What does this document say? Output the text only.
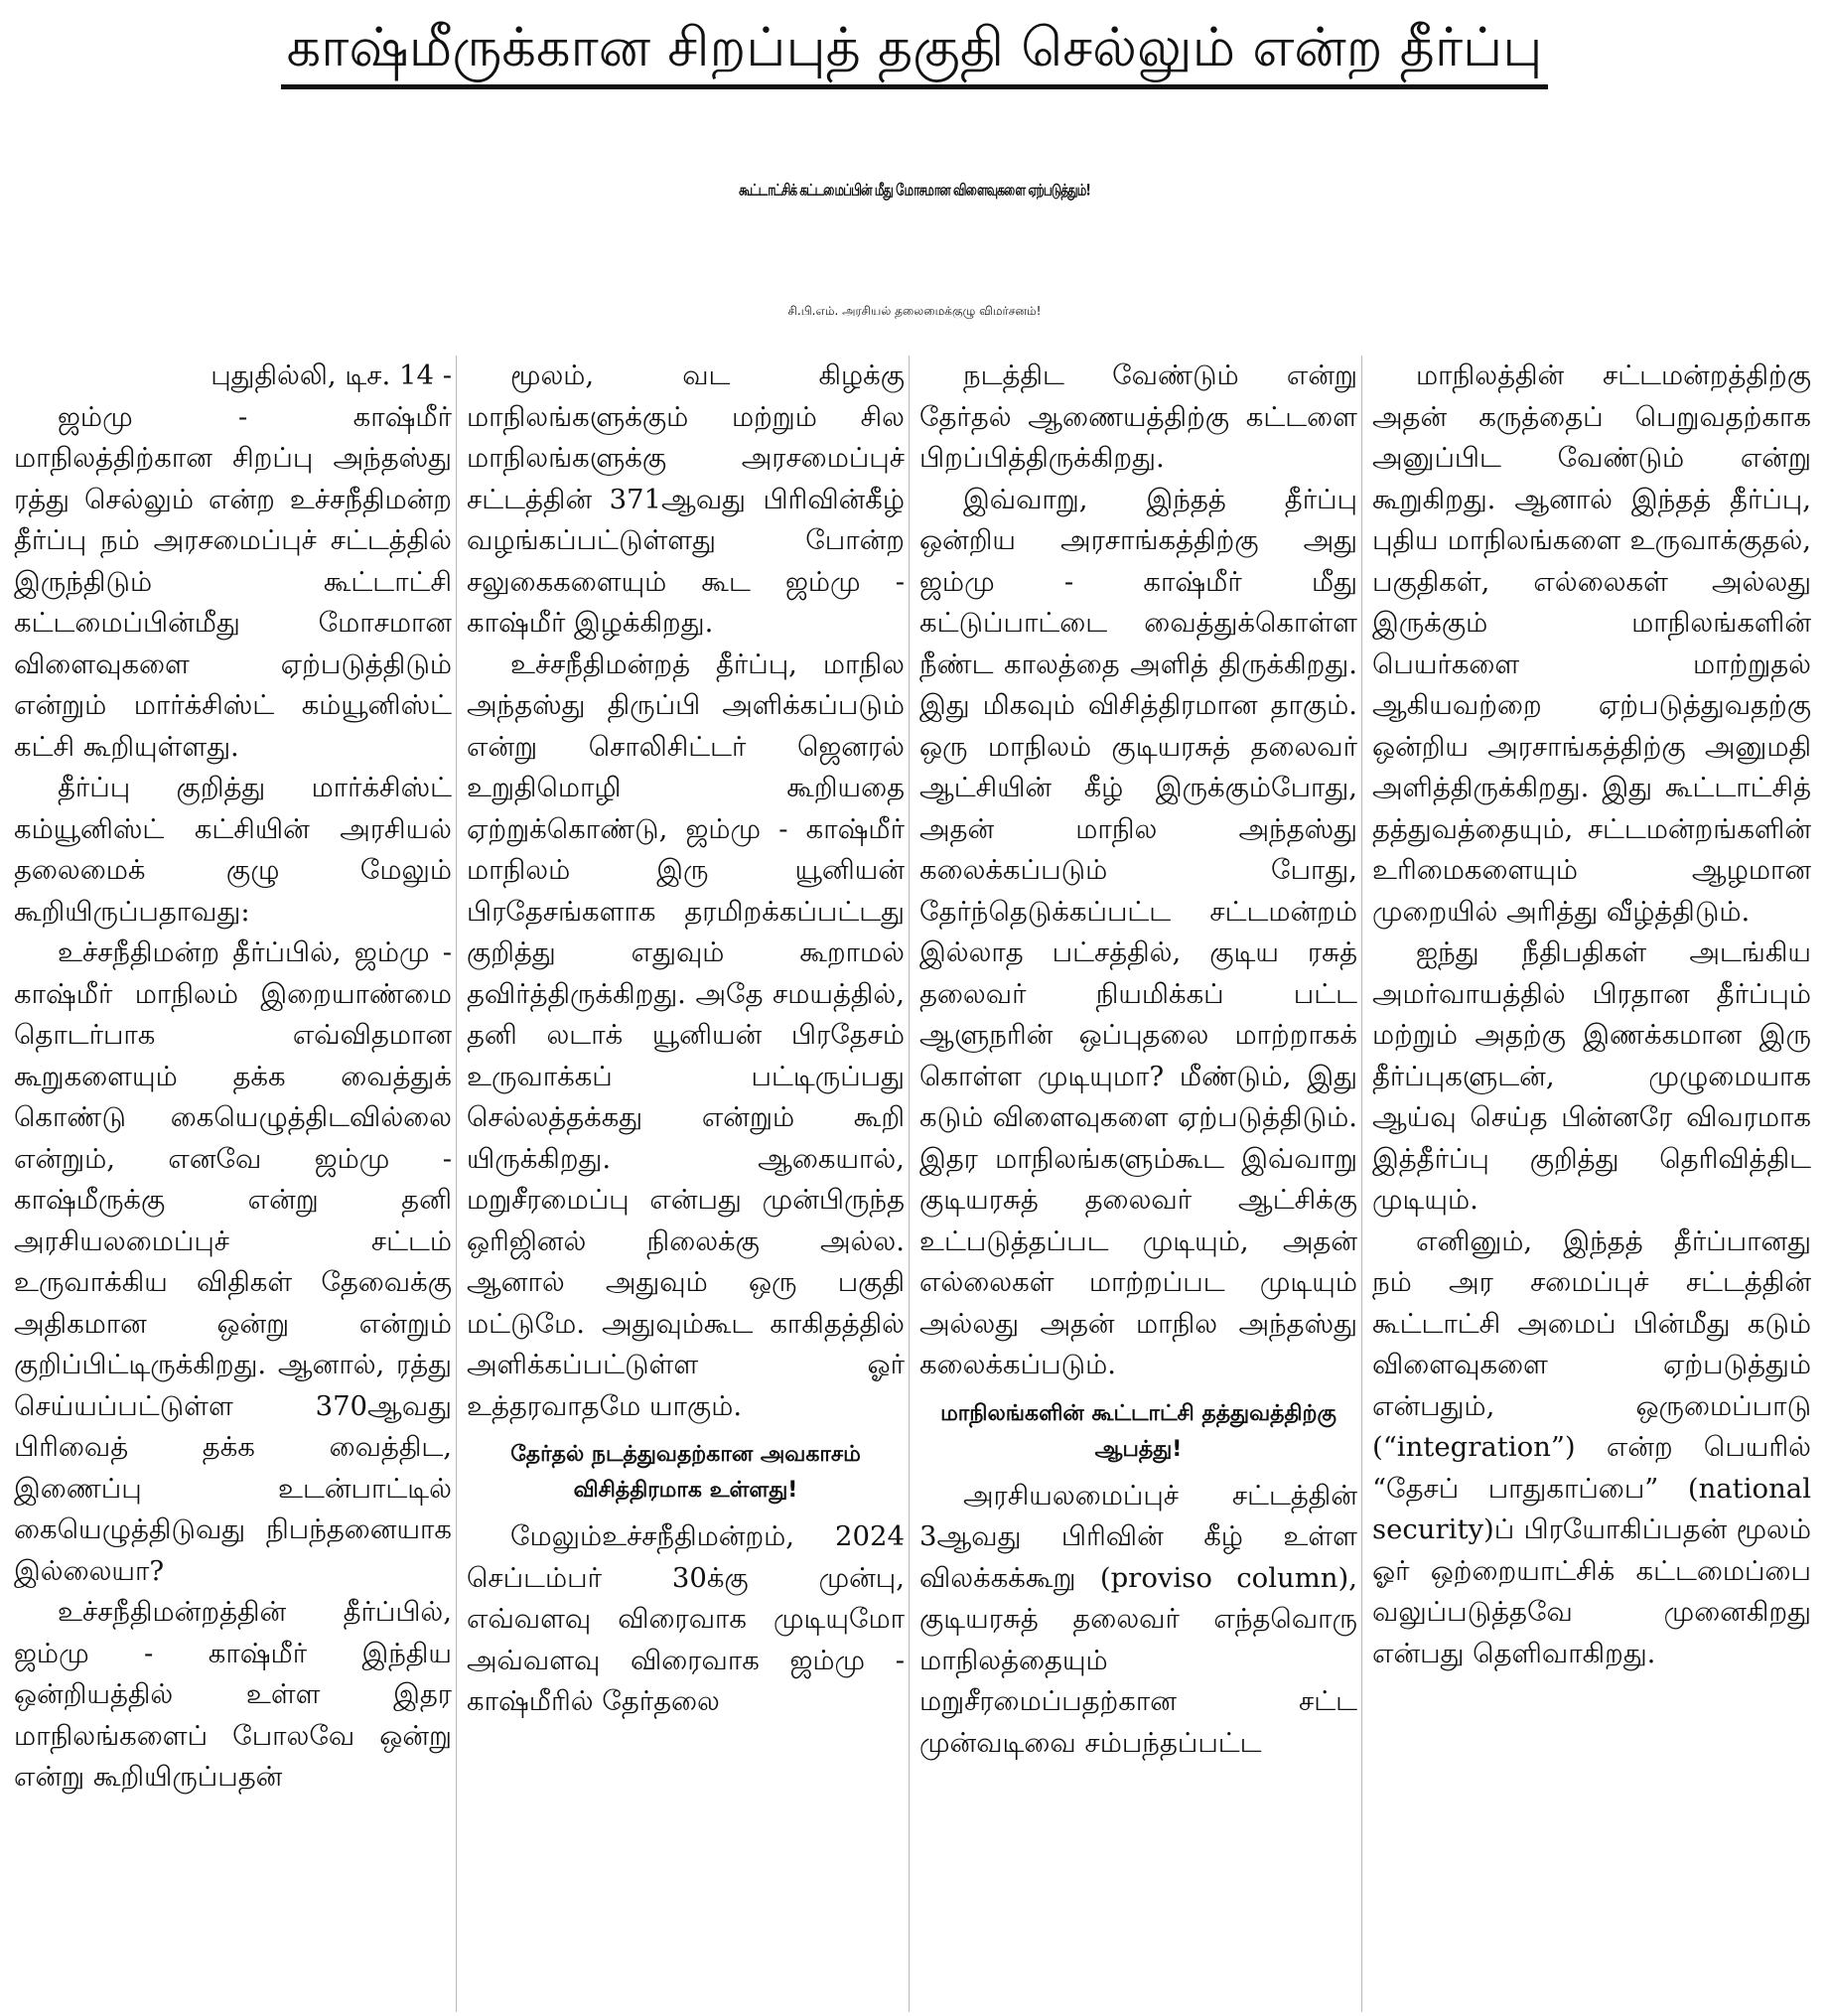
காஷ்மீருக்கான சிறப்புத் தகுதி செல்லும் என்ற தீர்ப்பு
கூட்டாட்சிக் கட்டமைப்பின் மீது மோசமான விளைவுகளை ஏற்படுத்தும்!
சி.பி.எம். அரசியல் தலைமைக்குழு விமர்சனம்!

புதுதில்லி, டிச. 14 -

ஜம்மு - காஷ்மீர் மாநிலத்திற்கான சிறப்பு அந்தஸ்து ரத்து செல்லும் என்ற உச்சநீதிமன்ற தீர்ப்பு நம் அரசமைப்புச் சட்டத்தில் இருந்திடும் கூட்டாட்சி கட்டமைப்பின்மீது மோசமான விளைவுகளை ஏற்படுத்திடும் என்றும் மார்க்சிஸ்ட் கம்யூனிஸ்ட் கட்சி கூறியுள்ளது.

தீர்ப்பு குறித்து மார்க்சிஸ்ட் கம்யூனிஸ்ட் கட்சியின் அரசியல் தலைமைக் குழு மேலும் கூறியிருப்பதாவது:

உச்சநீதிமன்ற தீர்ப்பில், ஜம்மு - காஷ்மீர் மாநிலம் இறையாண்மை தொடர்பாக எவ்விதமான கூறுகளையும் தக்க வைத்துக் கொண்டு கையெழுத்திடவில்லை என்றும், எனவே ஜம்மு - காஷ்மீருக்கு என்று தனி அரசியலமைப்புச் சட்டம் உருவாக்கிய விதிகள் தேவைக்கு அதிகமான ஒன்று என்றும் குறிப்பிட்டிருக்கிறது. ஆனால், ரத்து செய்யப்பட்டுள்ள 370ஆவது பிரிவைத் தக்க வைத்திட, இணைப்பு உடன்பாட்டில் கையெழுத்திடுவது நிபந்தனையாக இல்லையா?

உச்சநீதிமன்றத்தின் தீர்ப்பில், ஜம்மு - காஷ்மீர் இந்திய ஒன்றியத்தில் உள்ள இதர மாநிலங்களைப் போலவே ஒன்று என்று கூறியிருப்பதன்

மூலம், வட கிழக்கு மாநிலங்களுக்கும் மற்றும் சில மாநிலங்களுக்கு அரசமைப்புச் சட்டத்தின் 371ஆவது பிரிவின்கீழ் வழங்கப்பட்டுள்ளது போன்ற சலுகைகளையும் கூட ஜம்மு - காஷ்மீர் இழக்கிறது.

உச்சநீதிமன்றத் தீர்ப்பு, மாநில அந்தஸ்து திருப்பி அளிக்கப்படும் என்று சொலிசிட்டர் ஜெனரல் உறுதிமொழி கூறியதை ஏற்றுக்கொண்டு, ஜம்மு - காஷ்மீர் மாநிலம் இரு யூனியன் பிரதேசங்களாக தரமிறக்கப்பட்டது குறித்து எதுவும் கூறாமல் தவிர்த்திருக்கிறது. அதே சமயத்தில், தனி லடாக் யூனியன் பிரதேசம் உருவாக்கப் பட்டிருப்பது செல்லத்தக்கது என்றும் கூறி யிருக்கிறது. ஆகையால், மறுசீரமைப்பு என்பது முன்பிருந்த ஒரிஜினல் நிலைக்கு அல்ல. ஆனால் அதுவும் ஒரு பகுதி மட்டுமே. அதுவும்கூட காகிதத்தில் அளிக்கப்பட்டுள்ள ஓர் உத்தரவாதமே யாகும்.

தேர்தல் நடத்துவதற்கான அவகாசம் விசித்திரமாக உள்ளது!

மேலும்உச்சநீதிமன்றம், 2024 செப்டம்பர் 30க்கு முன்பு, எவ்வளவு விரைவாக முடியுமோ அவ்வளவு விரைவாக ஜம்மு - காஷ்மீரில் தேர்தலை

நடத்திட வேண்டும் என்று தேர்தல் ஆணையத்திற்கு கட்டளை பிறப்பித்திருக்கிறது.

இவ்வாறு, இந்தத் தீர்ப்பு ஒன்றிய அரசாங்கத்திற்கு அது ஜம்மு - காஷ்மீர் மீது கட்டுப்பாட்டை வைத்துக்கொள்ள நீண்ட காலத்தை அளித் திருக்கிறது. இது மிகவும் விசித்திரமான தாகும். ஒரு மாநிலம் குடியரசுத் தலைவர் ஆட்சியின் கீழ் இருக்கும்போது, அதன் மாநில அந்தஸ்து கலைக்கப்படும் போது, தேர்ந்தெடுக்கப்பட்ட சட்டமன்றம் இல்லாத பட்சத்தில், குடிய ரசுத் தலைவர் நியமிக்கப் பட்ட ஆளுநரின் ஒப்புதலை மாற்றாகக் கொள்ள முடியுமா? மீண்டும், இது கடும் விளைவுகளை ஏற்படுத்திடும். இதர மாநிலங்களும்கூட இவ்வாறு குடியரசுத் தலைவர் ஆட்சிக்கு உட்படுத்தப்பட முடியும், அதன் எல்லைகள் மாற்றப்பட முடியும் அல்லது அதன் மாநில அந்தஸ்து கலைக்கப்படும்.

மாநிலங்களின் கூட்டாட்சி தத்துவத்திற்கு ஆபத்து!

அரசியலமைப்புச் சட்டத்தின் 3ஆவது பிரிவின் கீழ் உள்ள விலக்கக்கூறு (proviso column), குடியரசுத் தலைவர் எந்தவொரு மாநிலத்தையும் மறுசீரமைப்பதற்கான சட்ட முன்வடிவை சம்பந்தப்பட்ட

மாநிலத்தின் சட்டமன்றத்திற்கு அதன் கருத்தைப் பெறுவதற்காக அனுப்பிட வேண்டும் என்று கூறுகிறது. ஆனால் இந்தத் தீர்ப்பு, புதிய மாநிலங்களை உருவாக்குதல், பகுதிகள், எல்லைகள் அல்லது இருக்கும் மாநிலங்களின் பெயர்களை மாற்றுதல் ஆகியவற்றை ஏற்படுத்துவதற்கு ஒன்றிய அரசாங்கத்திற்கு அனுமதி அளித்திருக்கிறது. இது கூட்டாட்சித் தத்துவத்தையும், சட்டமன்றங்களின் உரிமைகளையும் ஆழமான முறையில் அரித்து வீழ்த்திடும்.

ஐந்து நீதிபதிகள் அடங்கிய அமர்வாயத்தில் பிரதான தீர்ப்பும் மற்றும் அதற்கு இணக்கமான இரு தீர்ப்புகளுடன், முழுமையாக ஆய்வு செய்த பின்னரே விவரமாக இத்தீர்ப்பு குறித்து தெரிவித்திட முடியும்.

எனினும், இந்தத் தீர்ப்பானது நம் அர சமைப்புச் சட்டத்தின் கூட்டாட்சி அமைப் பின்மீது கடும் விளைவுகளை ஏற்படுத்தும் என்பதும், ஒருமைப்பாடு (“integration”) என்ற பெயரில் “தேசப் பாதுகாப்பை” (national security)ப் பிரயோகிப்பதன் மூலம் ஓர் ஒற்றையாட்சிக் கட்டமைப்பை வலுப்படுத்தவே முனைகிறது என்பது தெளிவாகிறது.
